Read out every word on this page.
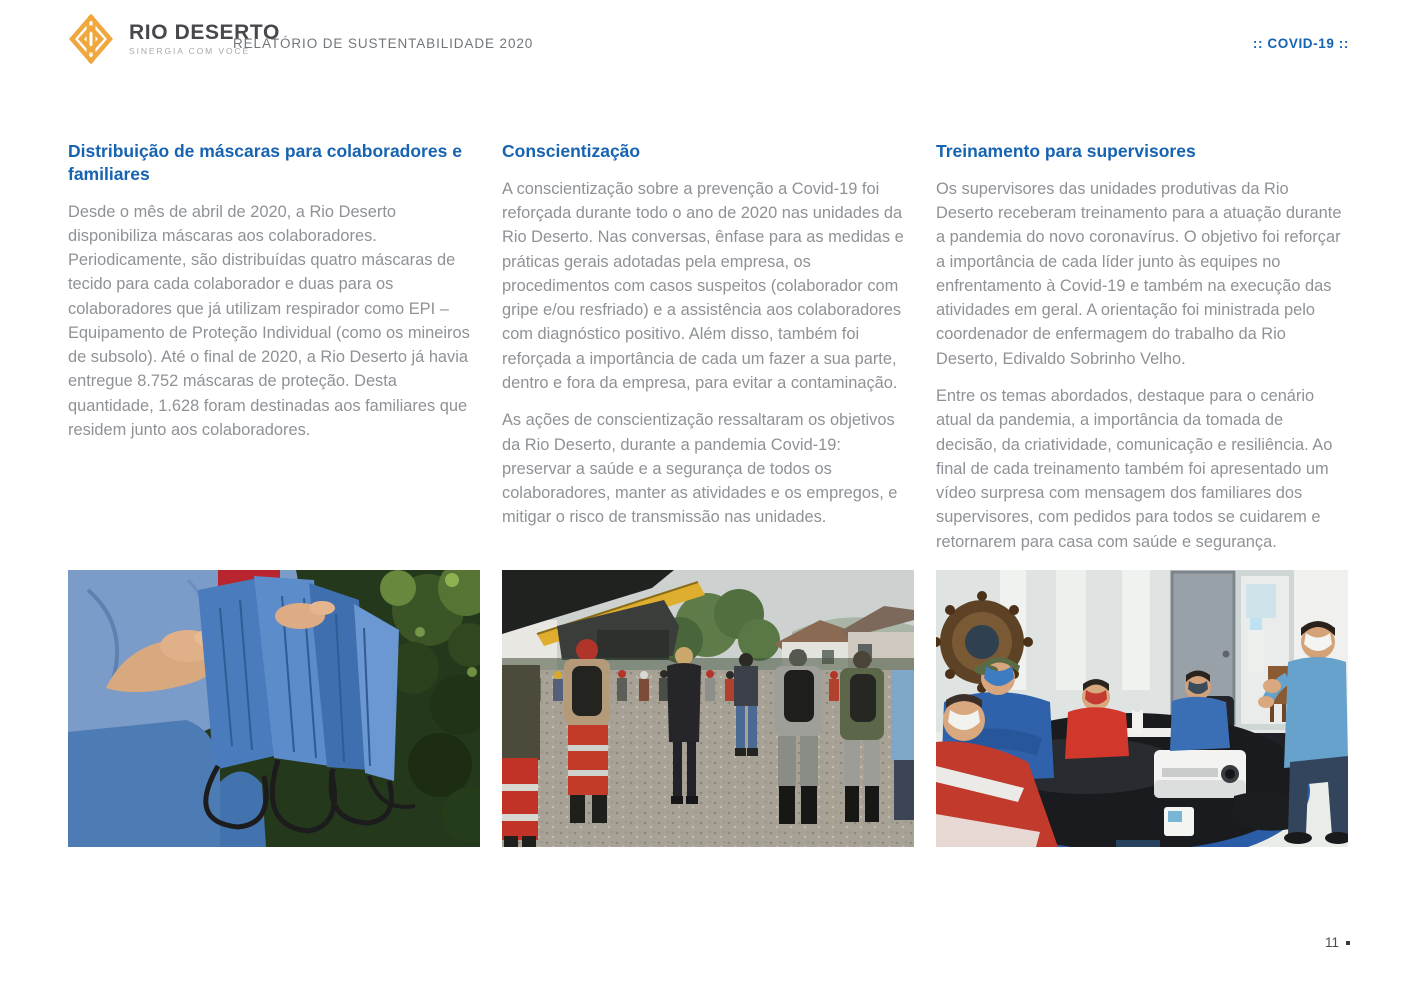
RIO DESERTO
SINERGIA COM VOCÊ
RELATÓRIO DE SUSTENTABILIDADE 2020	:: COVID-19 ::
Distribuição de máscaras para colaboradores e familiares

Desde o mês de abril de 2020, a Rio Deserto disponibiliza máscaras aos colaboradores. Periodicamente, são distribuídas quatro máscaras de tecido para cada colaborador e duas para os colaboradores que já utilizam respirador como EPI – Equipamento de Proteção Individual (como os mineiros de subsolo). Até o final de 2020, a Rio Deserto já havia entregue 8.752 máscaras de proteção. Desta quantidade, 1.628 foram destinadas aos familiares que residem junto aos colaboradores.

Conscientização

A conscientização sobre a prevenção a Covid-19 foi reforçada durante todo o ano de 2020 nas unidades da Rio Deserto. Nas conversas, ênfase para as medidas e práticas gerais adotadas pela empresa, os procedimentos com casos suspeitos (colaborador com gripe e/ou resfriado) e a assistência aos colaboradores com diagnóstico positivo. Além disso, também foi reforçada a importância de cada um fazer a sua parte, dentro e fora da empresa, para evitar a contaminação.

As ações de conscientização ressaltaram os objetivos da Rio Deserto, durante a pandemia Covid-19: preservar a saúde e a segurança de todos os colaboradores, manter as atividades e os empregos, e mitigar o risco de transmissão nas unidades.

Treinamento para supervisores

Os supervisores das unidades produtivas da Rio Deserto receberam treinamento para a atuação durante a pandemia do novo coronavírus. O objetivo foi reforçar a importância de cada líder junto às equipes no enfrentamento à Covid-19 e também na execução das atividades em geral. A orientação foi ministrada pelo coordenador de enfermagem do trabalho da Rio Deserto, Edivaldo Sobrinho Velho.

Entre os temas abordados, destaque para o cenário atual da pandemia, a importância da tomada de decisão, da criatividade, comunicação e resiliência. Ao final de cada treinamento também foi apresentado um vídeo surpresa com mensagem dos familiares dos supervisores, com pedidos para todos se cuidarem e retornarem para casa com saúde e segurança.

11
